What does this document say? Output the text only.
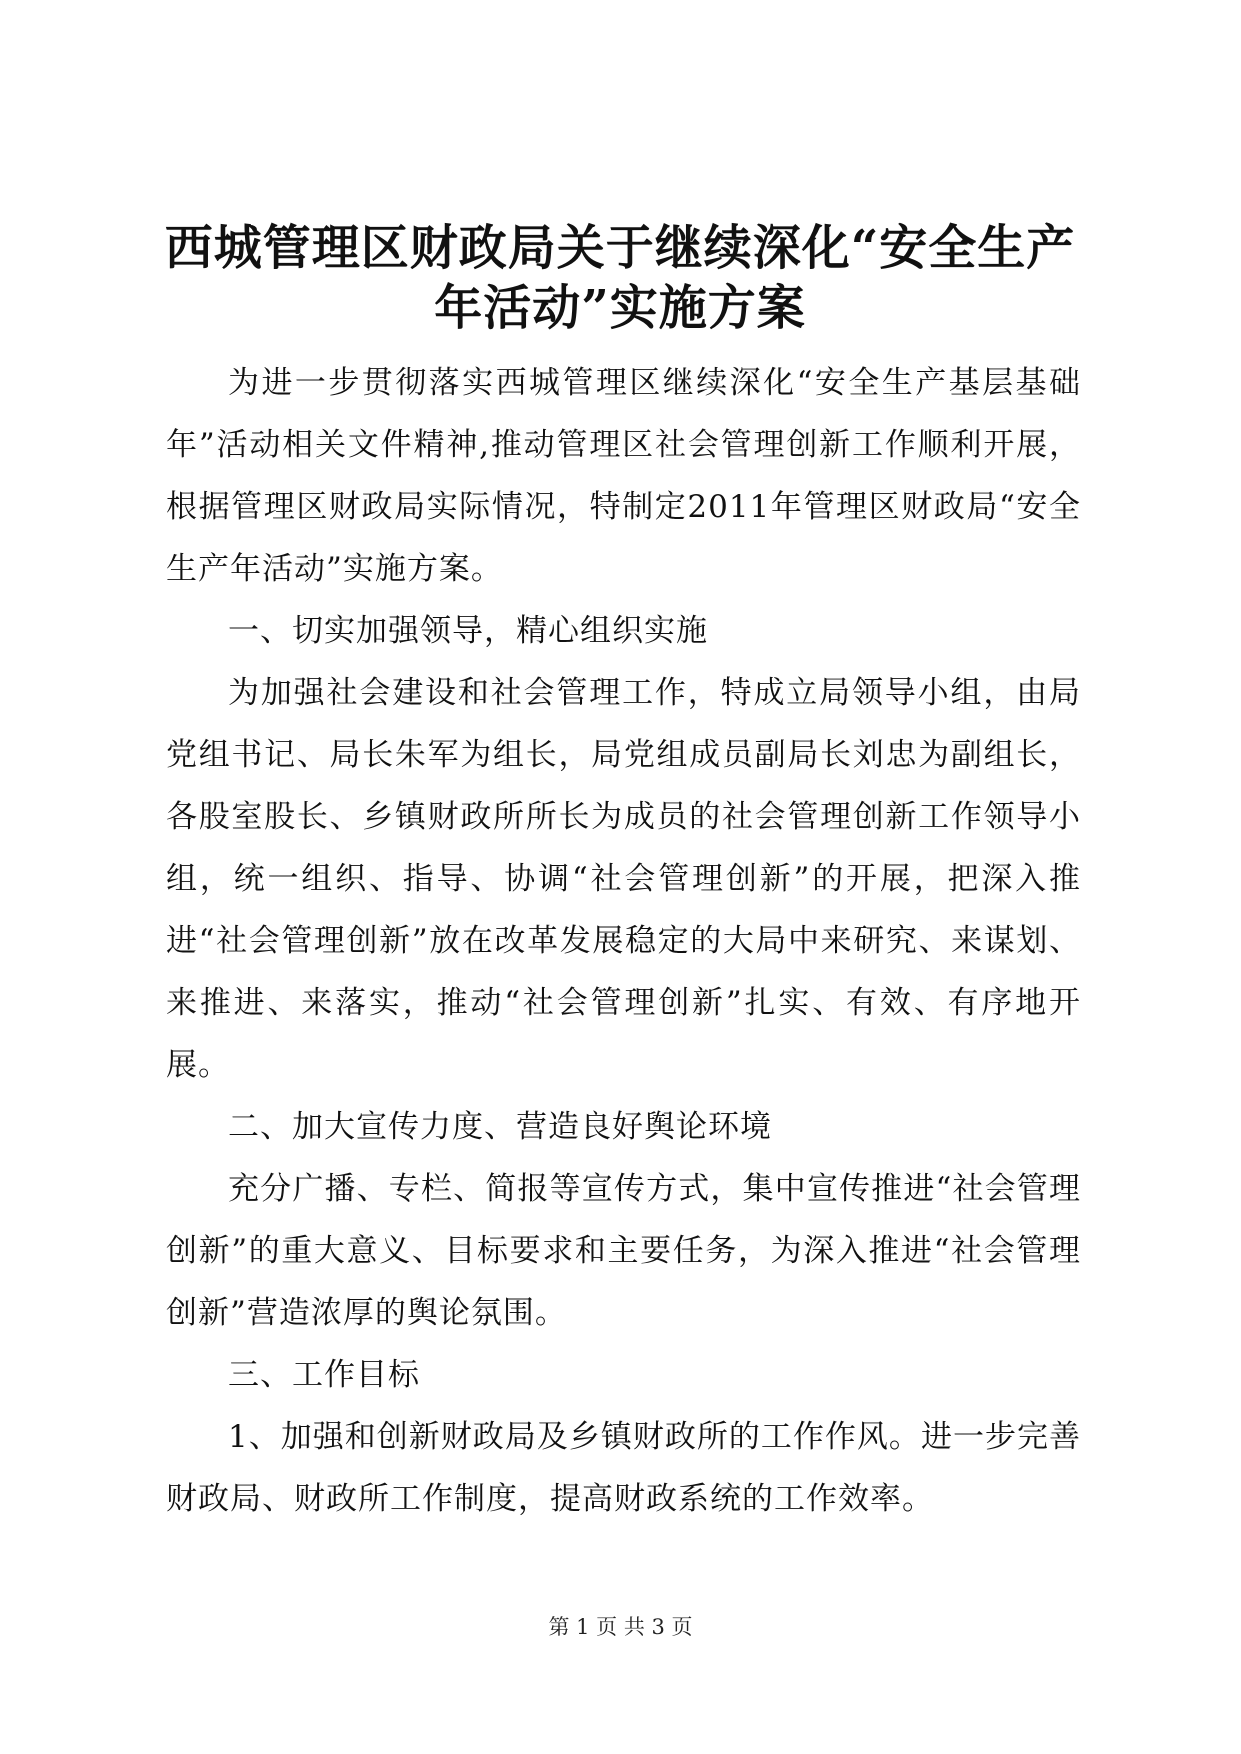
西城管理区财政局关于继续深化“安全生产年活动”实施方案

为进一步贯彻落实西城管理区继续深化“安全生产基层基础年”活动相关文件精神,推动管理区社会管理创新工作顺利开展，根据管理区财政局实际情况，特制定2011年管理区财政局“安全生产年活动”实施方案。

一、切实加强领导，精心组织实施

为加强社会建设和社会管理工作，特成立局领导小组，由局党组书记、局长朱军为组长，局党组成员副局长刘忠为副组长，各股室股长、乡镇财政所所长为成员的社会管理创新工作领导小组，统一组织、指导、协调“社会管理创新”的开展，把深入推进“社会管理创新”放在改革发展稳定的大局中来研究、来谋划、来推进、来落实，推动“社会管理创新”扎实、有效、有序地开展。

二、加大宣传力度、营造良好舆论环境

充分广播、专栏、简报等宣传方式，集中宣传推进“社会管理创新”的重大意义、目标要求和主要任务，为深入推进“社会管理创新”营造浓厚的舆论氛围。

三、工作目标

1、加强和创新财政局及乡镇财政所的工作作风。进一步完善财政局、财政所工作制度，提高财政系统的工作效率。

第 1 页 共 3 页
